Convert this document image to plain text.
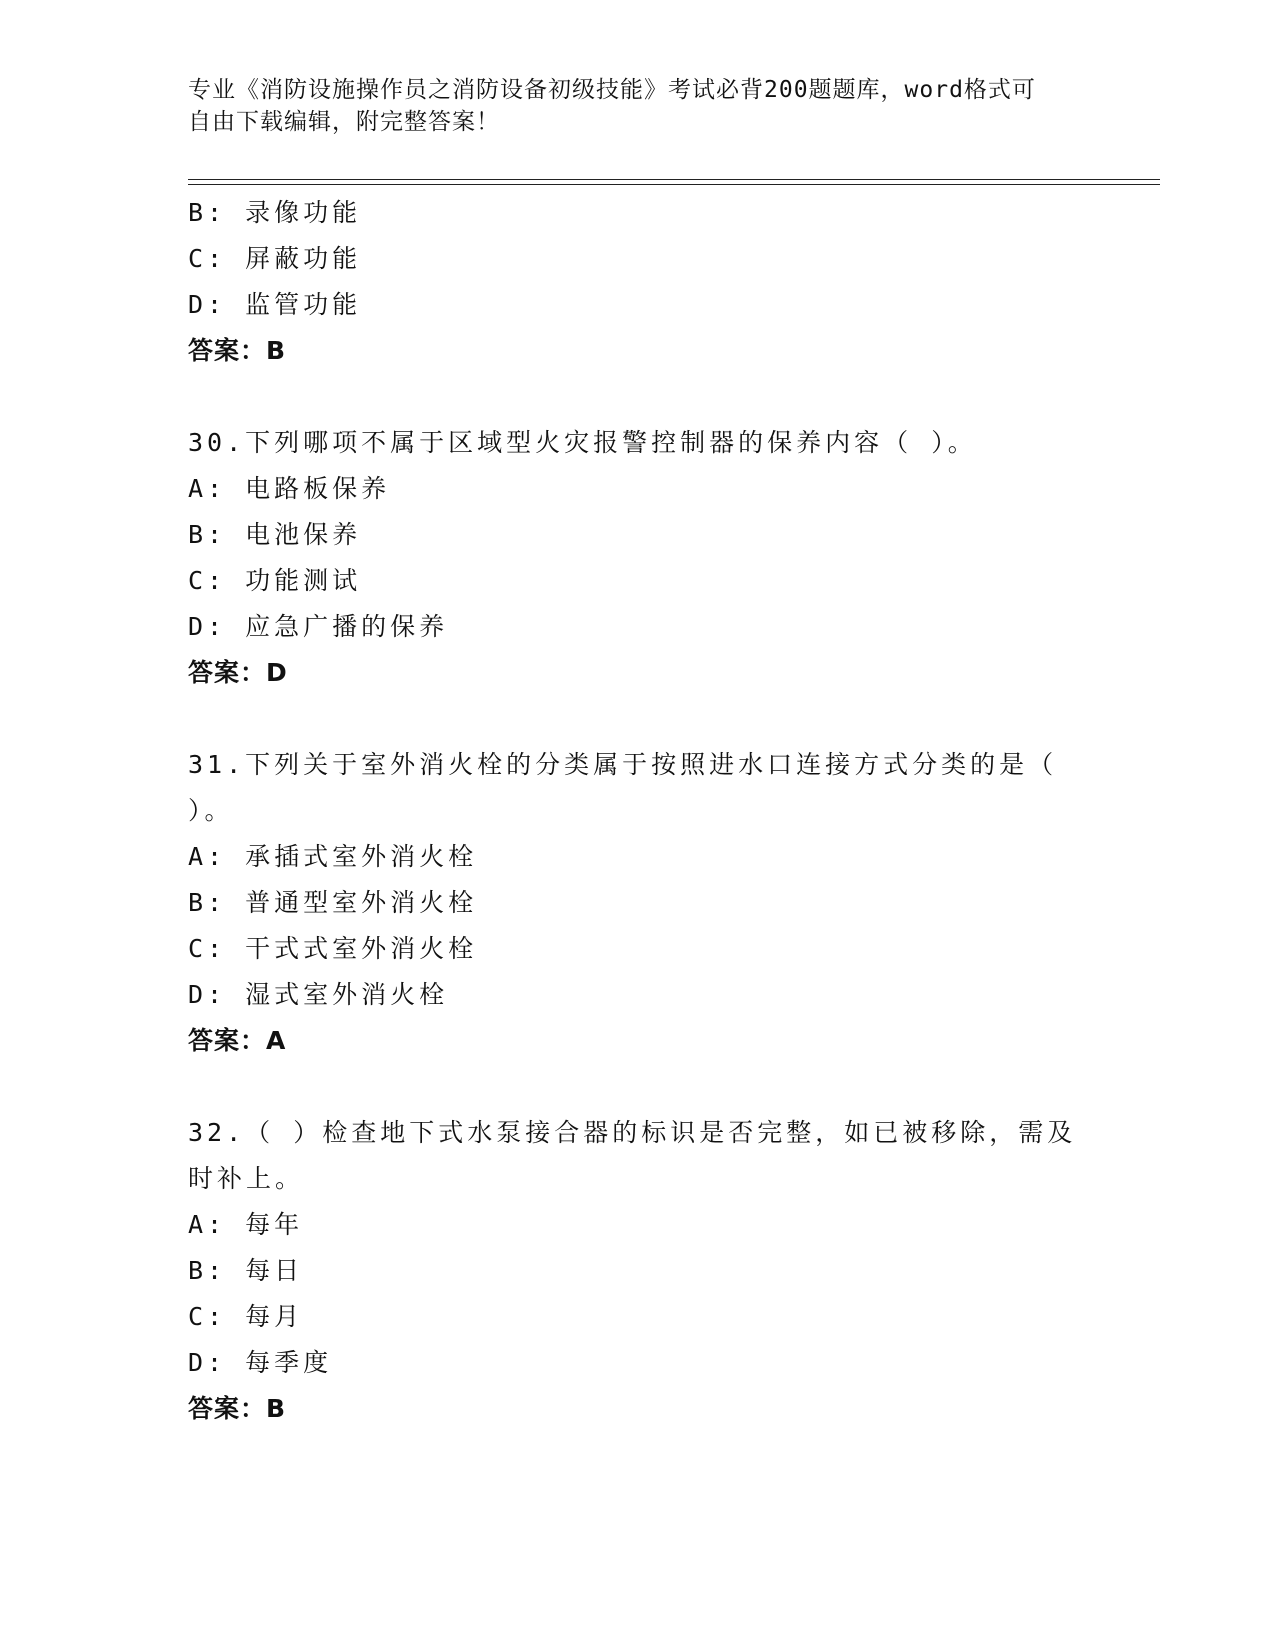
专业《消防设施操作员之消防设备初级技能》考试必背200题题库，word格式可
自由下载编辑，附完整答案！
B: 录像功能
C: 屏蔽功能
D: 监管功能
答案：B
30.下列哪项不属于区域型火灾报警控制器的保养内容（ ）。
A: 电路板保养
B: 电池保养
C: 功能测试
D: 应急广播的保养
答案：D
31.下列关于室外消火栓的分类属于按照进水口连接方式分类的是（ ）。
A: 承插式室外消火栓
B: 普通型室外消火栓
C: 干式式室外消火栓
D: 湿式室外消火栓
答案：A
32.（ ）检查地下式水泵接合器的标识是否完整，如已被移除，需及时补上。
A: 每年
B: 每日
C: 每月
D: 每季度
答案：B
